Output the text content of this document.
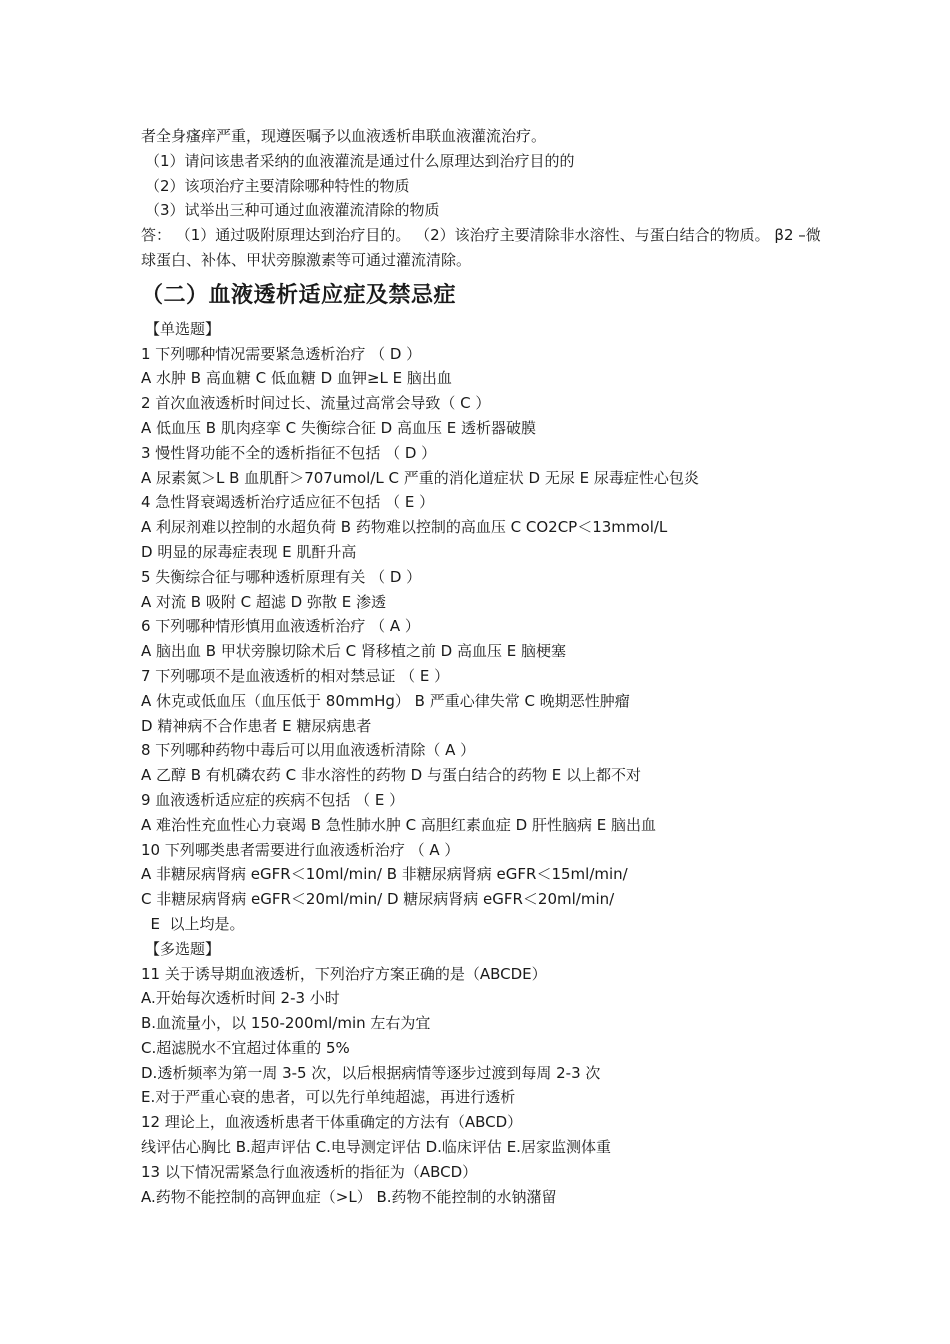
者全身瘙痒严重，现遵医嘱予以血液透析串联血液灌流治疗。

（1）请问该患者采纳的血液灌流是通过什么原理达到治疗目的的

（2）该项治疗主要清除哪种特性的物质

（3）试举出三种可通过血液灌流清除的物质

答： （1）通过吸附原理达到治疗目的。 （2）该治疗主要清除非水溶性、与蛋白结合的物质。 β2 –微球蛋白、补体、甲状旁腺激素等可通过灌流清除。

（二）血液透析适应症及禁忌症

【单选题】

1 下列哪种情况需要紧急透析治疗 （ D ）

A 水肿 B 高血糖 C 低血糖 D 血钾≥L E 脑出血

2 首次血液透析时间过长、流量过高常会导致（ C ）

A 低血压 B 肌肉痉挛 C 失衡综合征 D 高血压 E 透析器破膜

3 慢性肾功能不全的透析指征不包括 （ D ）

A 尿素氮＞L B 血肌酐＞707umol/L C 严重的消化道症状 D 无尿 E 尿毒症性心包炎

4 急性肾衰竭透析治疗适应征不包括 （ E ）

A 利尿剂难以控制的水超负荷 B 药物难以控制的高血压 C CO2CP＜13mmol/L

D 明显的尿毒症表现 E 肌酐升高

5 失衡综合征与哪种透析原理有关 （ D ）

A 对流 B 吸附 C 超滤 D 弥散 E 渗透

6 下列哪种情形慎用血液透析治疗 （ A ）

A 脑出血 B 甲状旁腺切除术后 C 肾移植之前 D 高血压 E 脑梗塞

7 下列哪项不是血液透析的相对禁忌证 （ E ）

A 休克或低血压（血压低于 80mmHg） B 严重心律失常 C 晚期恶性肿瘤

D 精神病不合作患者 E 糖尿病患者

8 下列哪种药物中毒后可以用血液透析清除（ A ）

A 乙醇 B 有机磷农药 C 非水溶性的药物 D 与蛋白结合的药物 E 以上都不对

9 血液透析适应症的疾病不包括 （ E ）

A 难治性充血性心力衰竭 B 急性肺水肿 C 高胆红素血症 D 肝性脑病 E 脑出血

10 下列哪类患者需要进行血液透析治疗 （ A ）

A 非糖尿病肾病 eGFR＜10ml/min/ B 非糖尿病肾病 eGFR＜15ml/min/

C 非糖尿病肾病 eGFR＜20ml/min/ D 糖尿病肾病 eGFR＜20ml/min/

E  以上均是。

【多选题】

11 关于诱导期血液透析，下列治疗方案正确的是（ABCDE）

A.开始每次透析时间 2-3 小时

B.血流量小，以 150-200ml/min 左右为宜

C.超滤脱水不宜超过体重的 5%

D.透析频率为第一周 3-5 次，以后根据病情等逐步过渡到每周 2-3 次

E.对于严重心衰的患者，可以先行单纯超滤，再进行透析

12 理论上，血液透析患者干体重确定的方法有（ABCD）

线评估心胸比 B.超声评估 C.电导测定评估 D.临床评估 E.居家监测体重

13 以下情况需紧急行血液透析的指征为（ABCD）

A.药物不能控制的高钾血症（>L） B.药物不能控制的水钠潴留
